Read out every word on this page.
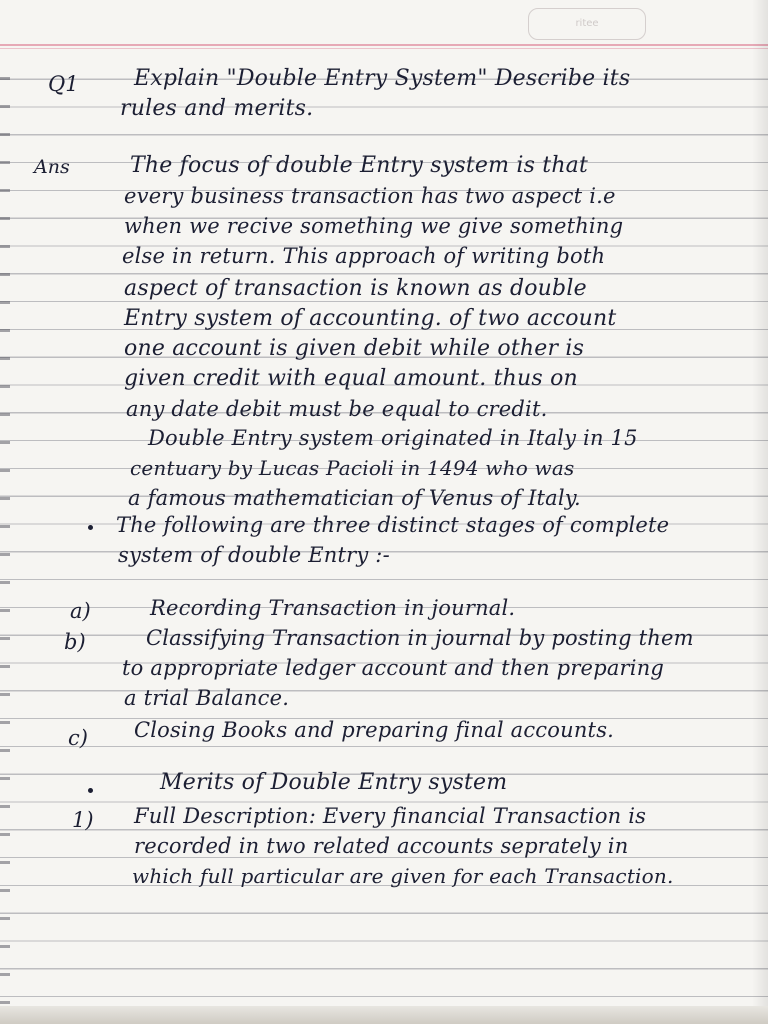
ritee
Q1	Explain "Double Entry System" Describe its
rules and merits.
Ans	The focus of double Entry system is that
every business transaction has two aspect i.e
when we recive something we give something
else in return. This approach of writing both
aspect of transaction is known as double
Entry system of accounting. of two account
one account is given debit while other is
given credit with equal amount. thus on
any date debit must be equal to credit.
Double Entry system originated in Italy in 15
centuary by Lucas Pacioli in 1494 who was
a famous mathematician of Venus of Italy.
The following are three distinct stages of complete
system of double Entry :-
a)	Recording Transaction in journal.
b)	Classifying Transaction in journal by posting them
to appropriate ledger account and then preparing
a trial Balance.
c) Closing Books and preparing final accounts.
Merits of Double Entry system
1) Full Description: Every financial Transaction is
recorded in two related accounts seprately in
which full particular are given for each Transaction.
